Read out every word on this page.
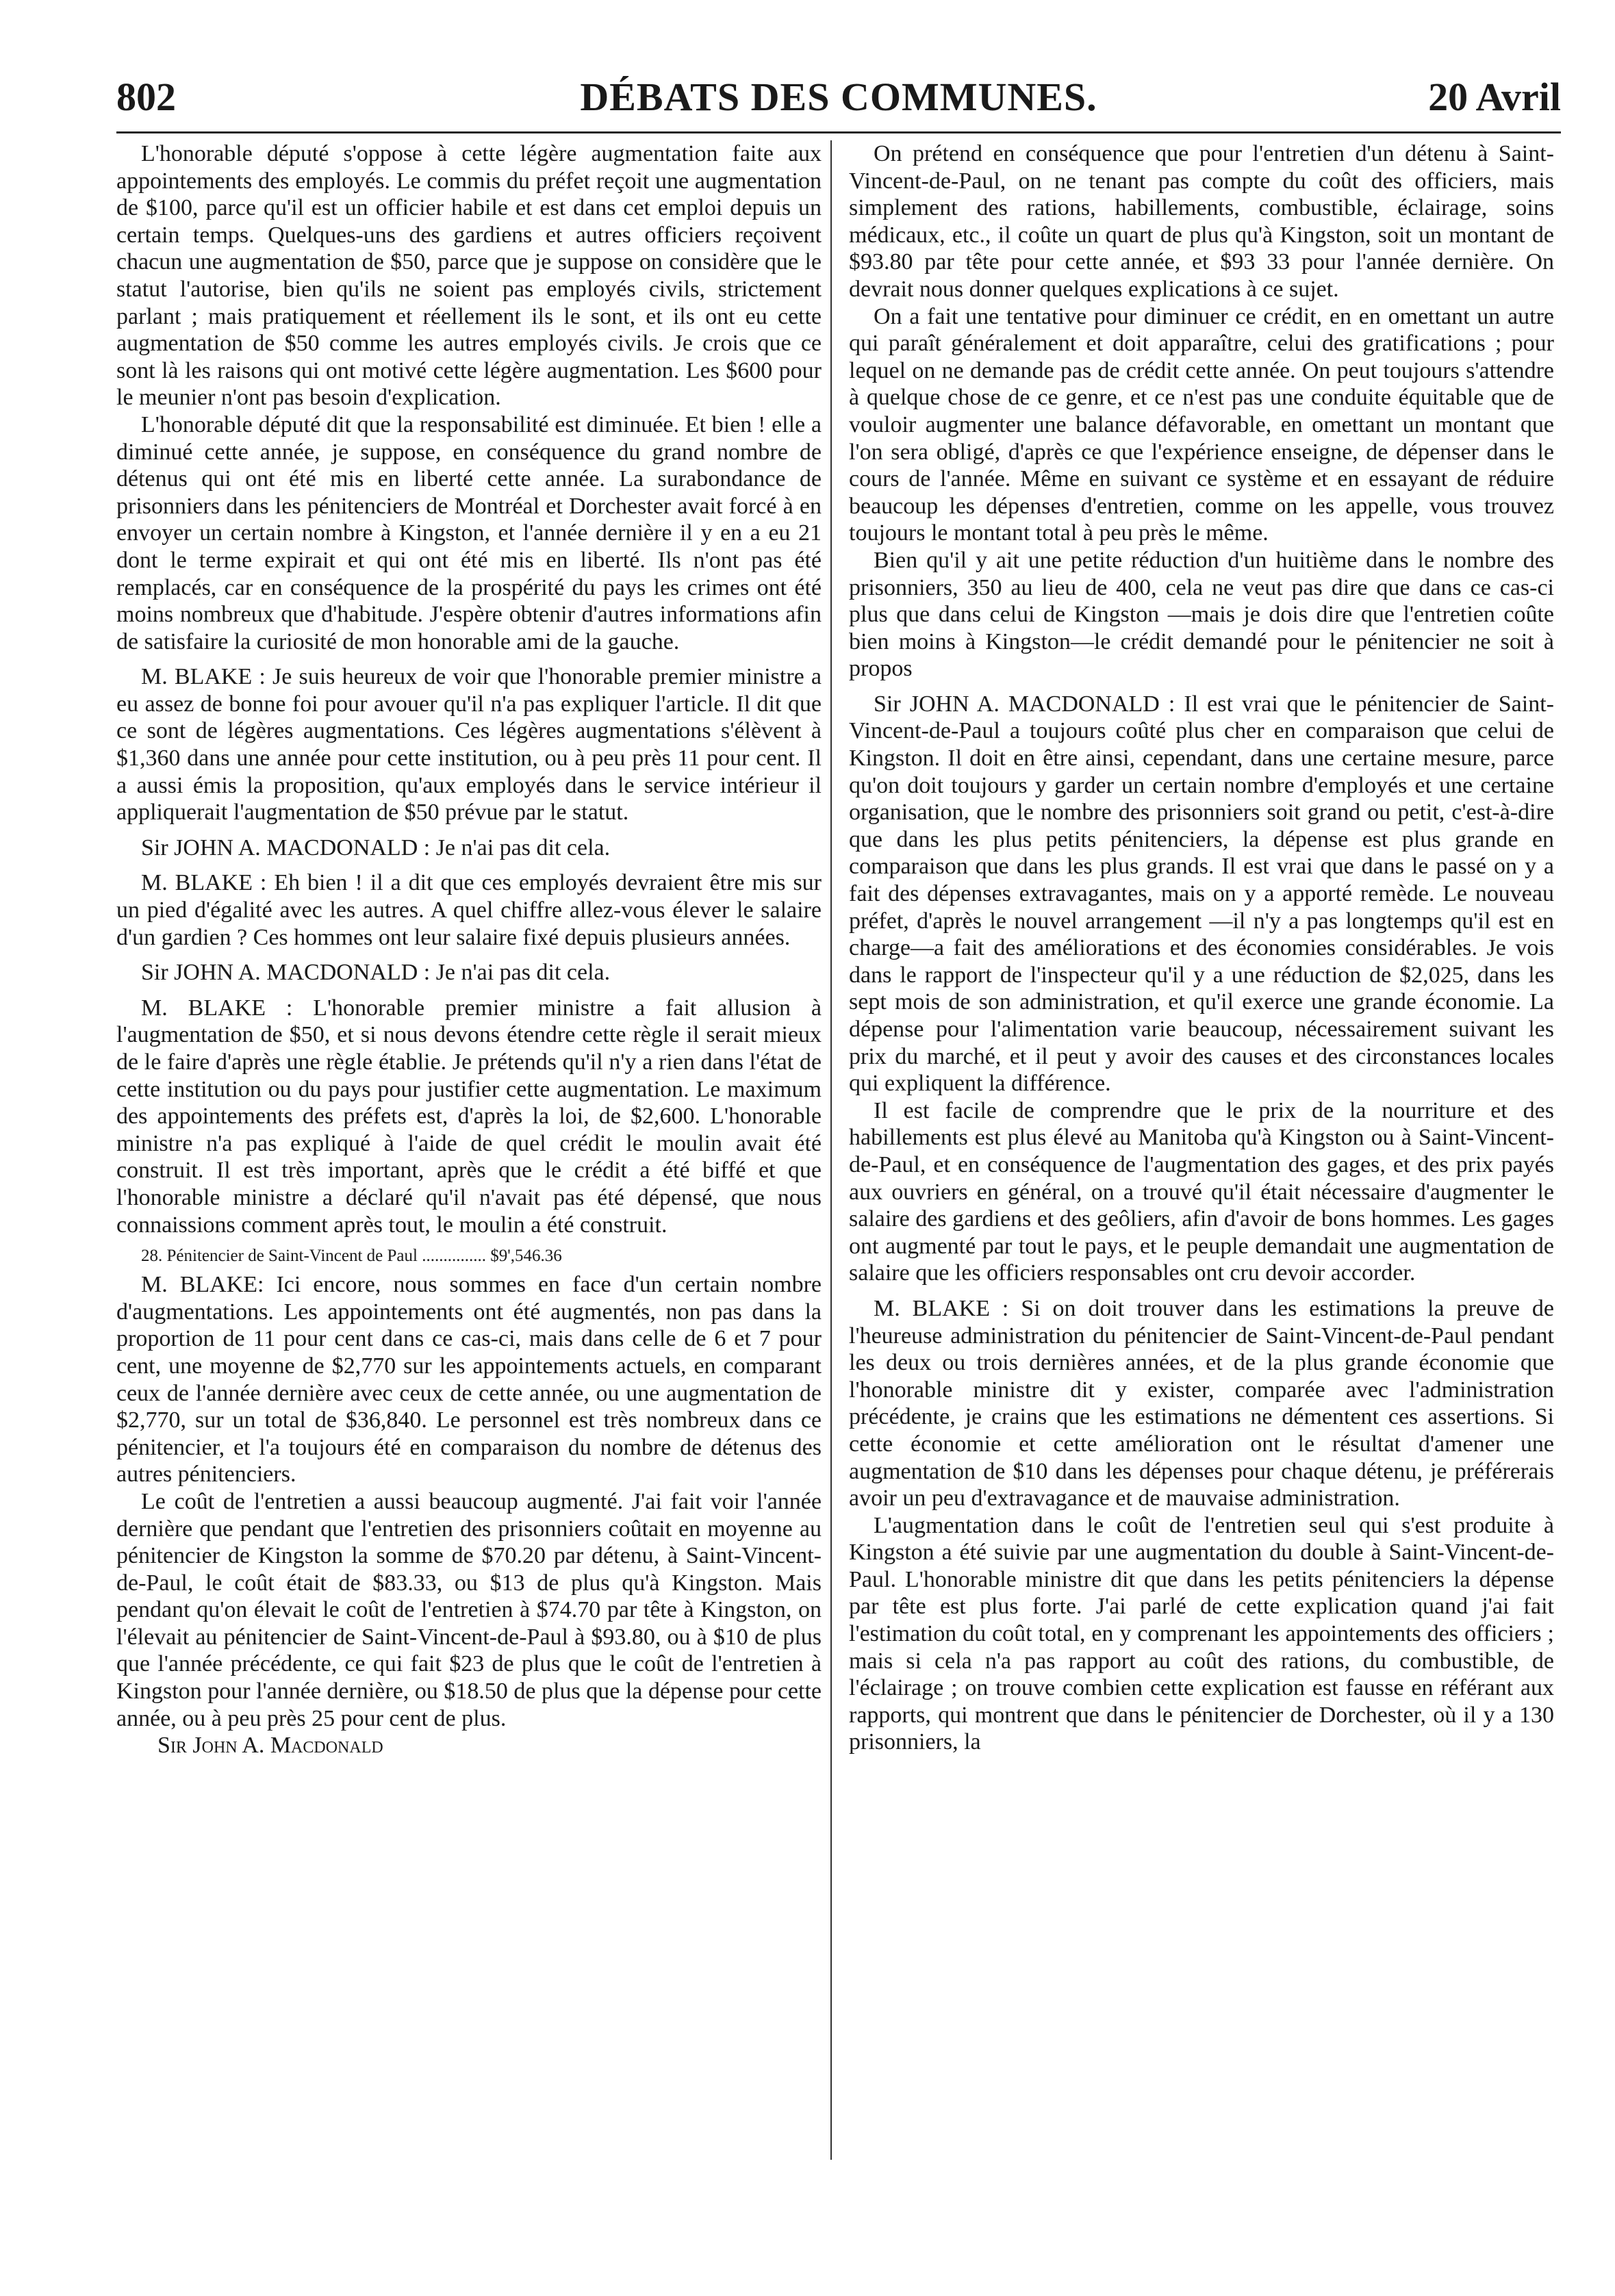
802	DÉBATS DES COMMUNES.	20 Avril

L'honorable député s'oppose à cette légère augmentation faite aux appointements des employés. Le commis du préfet reçoit une augmentation de $100, parce qu'il est un officier habile et est dans cet emploi depuis un certain temps. Quelques-uns des gardiens et autres officiers reçoivent chacun une augmentation de $50, parce que je suppose on considère que le statut l'autorise, bien qu'ils ne soient pas employés civils, strictement parlant ; mais pratiquement et réellement ils le sont, et ils ont eu cette augmentation de $50 comme les autres employés civils. Je crois que ce sont là les raisons qui ont motivé cette légère augmentation. Les $600 pour le meunier n'ont pas besoin d'explication.

L'honorable député dit que la responsabilité est diminuée. Et bien ! elle a diminué cette année, je suppose, en conséquence du grand nombre de détenus qui ont été mis en liberté cette année. La surabondance de prisonniers dans les pénitenciers de Montréal et Dorchester avait forcé à en envoyer un certain nombre à Kingston, et l'année dernière il y en a eu 21 dont le terme expirait et qui ont été mis en liberté. Ils n'ont pas été remplacés, car en conséquence de la prospérité du pays les crimes ont été moins nombreux que d'habitude. J'espère obtenir d'autres informations afin de satisfaire la curiosité de mon honorable ami de la gauche.

M. BLAKE : Je suis heureux de voir que l'honorable premier ministre a eu assez de bonne foi pour avouer qu'il n'a pas expliquer l'article. Il dit que ce sont de légères augmentations. Ces légères augmentations s'élèvent à $1,360 dans une année pour cette institution, ou à peu près 11 pour cent. Il a aussi émis la proposition, qu'aux employés dans le service intérieur il appliquerait l'augmentation de $50 prévue par le statut.

Sir JOHN A. MACDONALD : Je n'ai pas dit cela.

M. BLAKE : Eh bien ! il a dit que ces employés devraient être mis sur un pied d'égalité avec les autres. A quel chiffre allez-vous élever le salaire d'un gardien ? Ces hommes ont leur salaire fixé depuis plusieurs années.

Sir JOHN A. MACDONALD : Je n'ai pas dit cela.

M. BLAKE : L'honorable premier ministre a fait allusion à l'augmentation de $50, et si nous devons étendre cette règle il serait mieux de le faire d'après une règle établie. Je prétends qu'il n'y a rien dans l'état de cette institution ou du pays pour justifier cette augmentation. Le maximum des appointements des préfets est, d'après la loi, de $2,600. L'honorable ministre n'a pas expliqué à l'aide de quel crédit le moulin avait été construit. Il est très important, après que le crédit a été biffé et que l'honorable ministre a déclaré qu'il n'avait pas été dépensé, que nous connaissions comment après tout, le moulin a été construit.

28. Pénitencier de Saint-Vincent de Paul ............... $9',546.36

M. BLAKE: Ici encore, nous sommes en face d'un certain nombre d'augmentations. Les appointements ont été augmentés, non pas dans la proportion de 11 pour cent dans ce cas-ci, mais dans celle de 6 et 7 pour cent, une moyenne de $2,770 sur les appointements actuels, en comparant ceux de l'année dernière avec ceux de cette année, ou une augmentation de $2,770, sur un total de $36,840. Le personnel est très nombreux dans ce pénitencier, et l'a toujours été en comparaison du nombre de détenus des autres pénitenciers.

Le coût de l'entretien a aussi beaucoup augmenté. J'ai fait voir l'année dernière que pendant que l'entretien des prisonniers coûtait en moyenne au pénitencier de Kingston la somme de $70.20 par détenu, à Saint-Vincent-de-Paul, le coût était de $83.33, ou $13 de plus qu'à Kingston. Mais pendant qu'on élevait le coût de l'entretien à $74.70 par tête à Kingston, on l'élevait au pénitencier de Saint-Vincent-de-Paul à $93.80, ou à $10 de plus que l'année précédente, ce qui fait $23 de plus que le coût de l'entretien à Kingston pour l'année dernière, ou $18.50 de plus que la dépense pour cette année, ou à peu près 25 pour cent de plus.

Sir John A. Macdonald

On prétend en conséquence que pour l'entretien d'un détenu à Saint-Vincent-de-Paul, on ne tenant pas compte du coût des officiers, mais simplement des rations, habillements, combustible, éclairage, soins médicaux, etc., il coûte un quart de plus qu'à Kingston, soit un montant de $93.80 par tête pour cette année, et $93 33 pour l'année dernière. On devrait nous donner quelques explications à ce sujet.

On a fait une tentative pour diminuer ce crédit, en en omettant un autre qui paraît généralement et doit apparaître, celui des gratifications ; pour lequel on ne demande pas de crédit cette année. On peut toujours s'attendre à quelque chose de ce genre, et ce n'est pas une conduite équitable que de vouloir augmenter une balance défavorable, en omettant un montant que l'on sera obligé, d'après ce que l'expérience enseigne, de dépenser dans le cours de l'année. Même en suivant ce système et en essayant de réduire beaucoup les dépenses d'entretien, comme on les appelle, vous trouvez toujours le montant total à peu près le même.

Bien qu'il y ait une petite réduction d'un huitième dans le nombre des prisonniers, 350 au lieu de 400, cela ne veut pas dire que dans ce cas-ci plus que dans celui de Kingston —mais je dois dire que l'entretien coûte bien moins à Kingston—le crédit demandé pour le pénitencier ne soit à propos

Sir JOHN A. MACDONALD : Il est vrai que le pénitencier de Saint-Vincent-de-Paul a toujours coûté plus cher en comparaison que celui de Kingston. Il doit en être ainsi, cependant, dans une certaine mesure, parce qu'on doit toujours y garder un certain nombre d'employés et une certaine organisation, que le nombre des prisonniers soit grand ou petit, c'est-à-dire que dans les plus petits pénitenciers, la dépense est plus grande en comparaison que dans les plus grands. Il est vrai que dans le passé on y a fait des dépenses extravagantes, mais on y a apporté remède. Le nouveau préfet, d'après le nouvel arrangement —il n'y a pas longtemps qu'il est en charge—a fait des améliorations et des économies considérables. Je vois dans le rapport de l'inspecteur qu'il y a une réduction de $2,025, dans les sept mois de son administration, et qu'il exerce une grande économie. La dépense pour l'alimentation varie beaucoup, nécessairement suivant les prix du marché, et il peut y avoir des causes et des circonstances locales qui expliquent la différence.

Il est facile de comprendre que le prix de la nourriture et des habillements est plus élevé au Manitoba qu'à Kingston ou à Saint-Vincent-de-Paul, et en conséquence de l'augmentation des gages, et des prix payés aux ouvriers en général, on a trouvé qu'il était nécessaire d'augmenter le salaire des gardiens et des geôliers, afin d'avoir de bons hommes. Les gages ont augmenté par tout le pays, et le peuple demandait une augmentation de salaire que les officiers responsables ont cru devoir accorder.

M. BLAKE : Si on doit trouver dans les estimations la preuve de l'heureuse administration du pénitencier de Saint-Vincent-de-Paul pendant les deux ou trois dernières années, et de la plus grande économie que l'honorable ministre dit y exister, comparée avec l'administration précédente, je crains que les estimations ne démentent ces assertions. Si cette économie et cette amélioration ont le résultat d'amener une augmentation de $10 dans les dépenses pour chaque détenu, je préférerais avoir un peu d'extravagance et de mauvaise administration.

L'augmentation dans le coût de l'entretien seul qui s'est produite à Kingston a été suivie par une augmentation du double à Saint-Vincent-de-Paul. L'honorable ministre dit que dans les petits pénitenciers la dépense par tête est plus forte. J'ai parlé de cette explication quand j'ai fait l'estimation du coût total, en y comprenant les appointements des officiers ; mais si cela n'a pas rapport au coût des rations, du combustible, de l'éclairage ; on trouve combien cette explication est fausse en référant aux rapports, qui montrent que dans le pénitencier de Dorchester, où il y a 130 prisonniers, la
